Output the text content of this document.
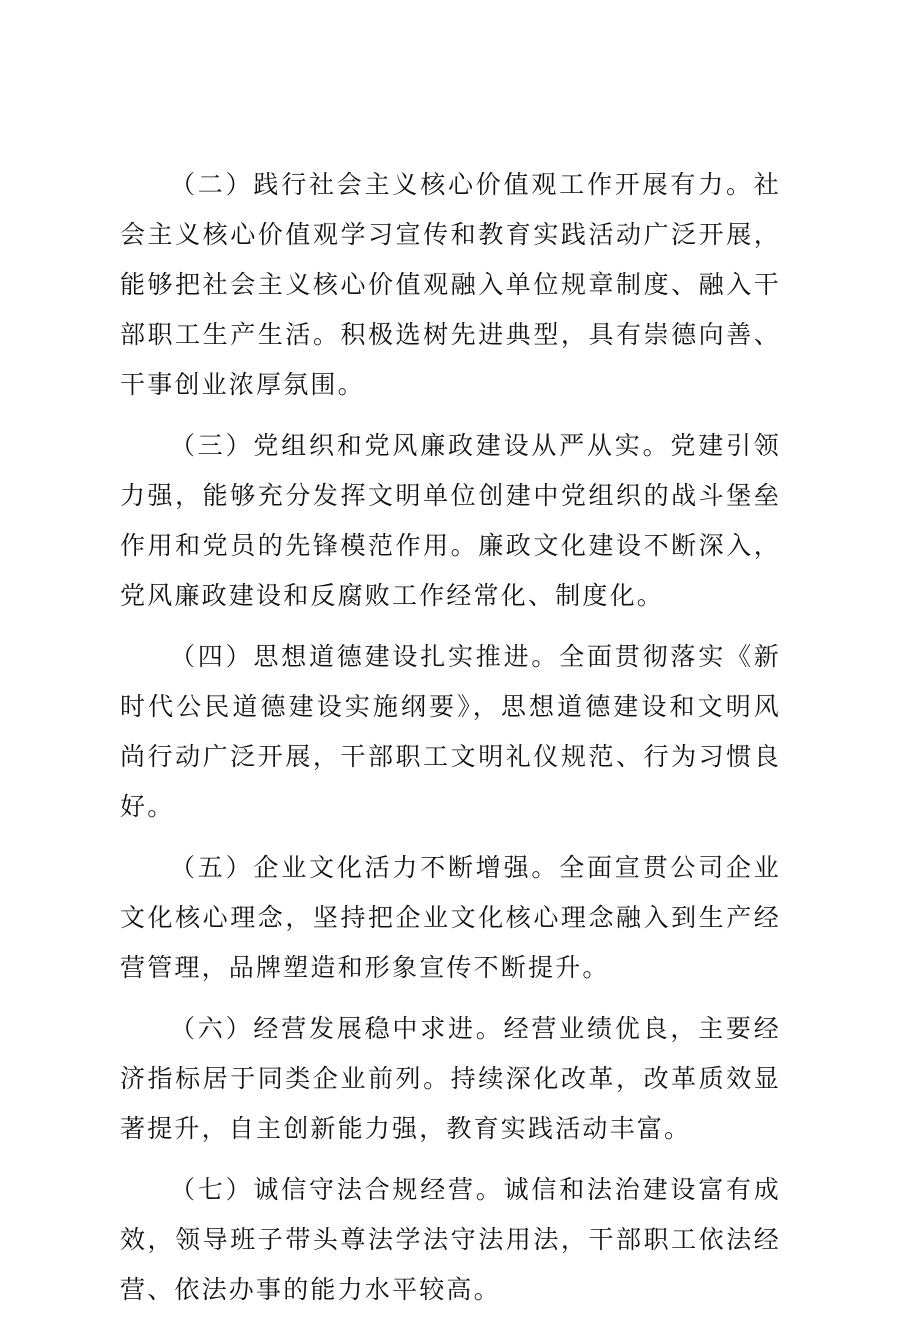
（二）践行社会主义核心价值观工作开展有力。社会主义核心价值观学习宣传和教育实践活动广泛开展，能够把社会主义核心价值观融入单位规章制度、融入干部职工生产生活。积极选树先进典型，具有崇德向善、干事创业浓厚氛围。

（三）党组织和党风廉政建设从严从实。党建引领力强，能够充分发挥文明单位创建中党组织的战斗堡垒作用和党员的先锋模范作用。廉政文化建设不断深入，党风廉政建设和反腐败工作经常化、制度化。

（四）思想道德建设扎实推进。全面贯彻落实《新时代公民道德建设实施纲要》，思想道德建设和文明风尚行动广泛开展，干部职工文明礼仪规范、行为习惯良好。

（五）企业文化活力不断增强。全面宣贯公司企业文化核心理念，坚持把企业文化核心理念融入到生产经营管理，品牌塑造和形象宣传不断提升。

（六）经营发展稳中求进。经营业绩优良，主要经济指标居于同类企业前列。持续深化改革，改革质效显著提升，自主创新能力强，教育实践活动丰富。

（七）诚信守法合规经营。诚信和法治建设富有成效，领导班子带头尊法学法守法用法，干部职工依法经营、依法办事的能力水平较高。
